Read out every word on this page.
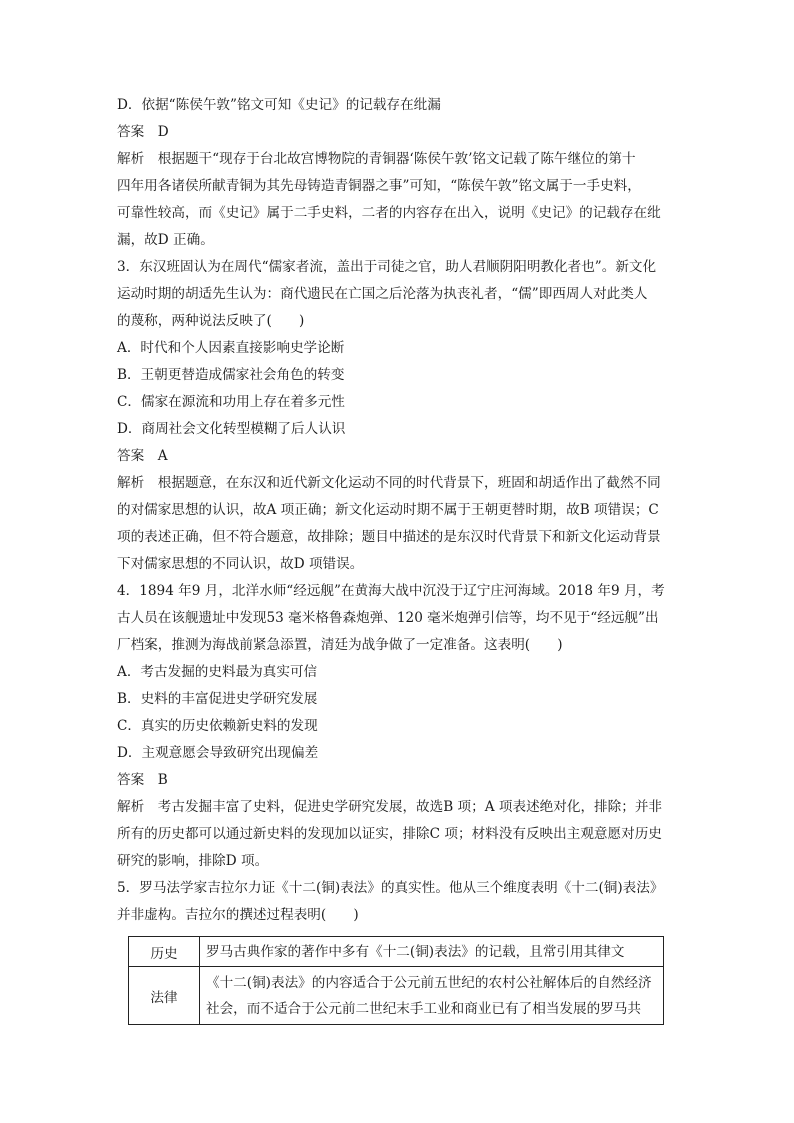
D．依据“陈侯午敦”铭文可知《史记》的记载存在纰漏
答案　D
解析　根据题干“现存于台北故宫博物院的青铜器‘陈侯午敦’铭文记载了陈午继位的第十
四年用各诸侯所献青铜为其先母铸造青铜器之事”可知，“陈侯午敦”铭文属于一手史料，
可靠性较高，而《史记》属于二手史料，二者的内容存在出入，说明《史记》的记载存在纰
漏，故D 正确。
3．东汉班固认为在周代“儒家者流，盖出于司徒之官，助人君顺阴阳明教化者也”。新文化
运动时期的胡适先生认为：商代遗民在亡国之后沦落为执丧礼者，“儒”即西周人对此类人
的蔑称，两种说法反映了(　　)
A．时代和个人因素直接影响史学论断
B．王朝更替造成儒家社会角色的转变
C．儒家在源流和功用上存在着多元性
D．商周社会文化转型模糊了后人认识
答案　A
解析　根据题意，在东汉和近代新文化运动不同的时代背景下，班固和胡适作出了截然不同
的对儒家思想的认识，故A 项正确；新文化运动时期不属于王朝更替时期，故B 项错误；C
项的表述正确，但不符合题意，故排除；题目中描述的是东汉时代背景下和新文化运动背景
下对儒家思想的不同认识，故D 项错误。
4．1894 年9 月，北洋水师“经远舰”在黄海大战中沉没于辽宁庄河海域。2018 年9 月，考
古人员在该舰遗址中发现53 毫米格鲁森炮弹、120 毫米炮弹引信等，均不见于“经远舰”出
厂档案，推测为海战前紧急添置，清廷为战争做了一定准备。这表明(　　)
A．考古发掘的史料最为真实可信
B．史料的丰富促进史学研究发展
C．真实的历史依赖新史料的发现
D．主观意愿会导致研究出现偏差
答案　B
解析　考古发掘丰富了史料，促进史学研究发展，故选B 项；A 项表述绝对化，排除；并非
所有的历史都可以通过新史料的发现加以证实，排除C 项；材料没有反映出主观意愿对历史
研究的影响，排除D 项。
5．罗马法学家吉拉尔力证《十二(铜)表法》的真实性。他从三个维度表明《十二(铜)表法》
并非虚构。吉拉尔的撰述过程表明(　　)
历史	罗马古典作家的著作中多有《十二(铜)表法》的记载，且常引用其律文

法律	《十二(铜)表法》的内容适合于公元前五世纪的农村公社解体后的自然经济
社会，而不适合于公元前二世纪末手工业和商业已有了相当发展的罗马共
